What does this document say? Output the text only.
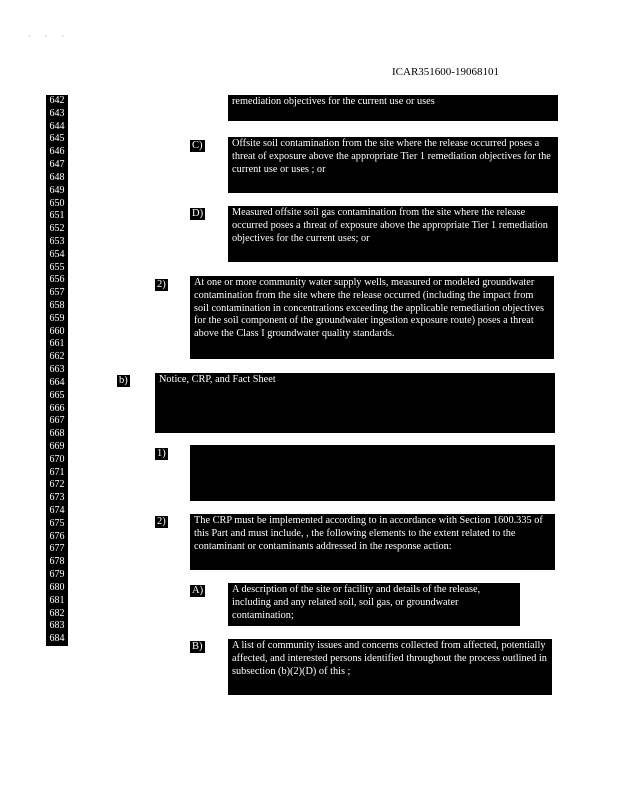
· · ·
ICAR351600-19068101
642
643
644
645
646
647
648
649
650
651
652
653
654
655
656
657
658
659
660
661
662
663
664
665
666
667
668
669
670
671
672
673
674
675
676
677
678
679
680
681
682
683
684
C)
D)
2)
b)
1)
2)
A)
B)

remediation objectives for the current use or uses

Offsite soil contamination from the site where the release occurred poses a threat of exposure above the appropriate Tier 1 remediation objectives for the current use or uses ; or

Measured offsite soil gas contamination from the site where the release occurred poses a threat of exposure above the appropriate Tier 1 remediation objectives for the current uses; or

At one or more community water supply wells, measured or modeled groundwater contamination from the site where the release occurred (including the impact from soil contamination in concentrations exceeding the applicable remediation objectives for the soil component of the groundwater ingestion exposure route) poses a threat above the Class I groundwater quality standards.

Notice, CRP, and Fact Sheet

The CRP must be implemented according to in accordance with Section 1600.335 of this Part and must include, , the following elements to the extent related to the contaminant or contaminants addressed in the response action:

A description of the site or facility and details of the release, including and any related soil, soil gas, or groundwater contamination;

A list of community issues and concerns collected from affected, potentially affected, and interested persons identified throughout the process outlined in subsection (b)(2)(D) of this ;
